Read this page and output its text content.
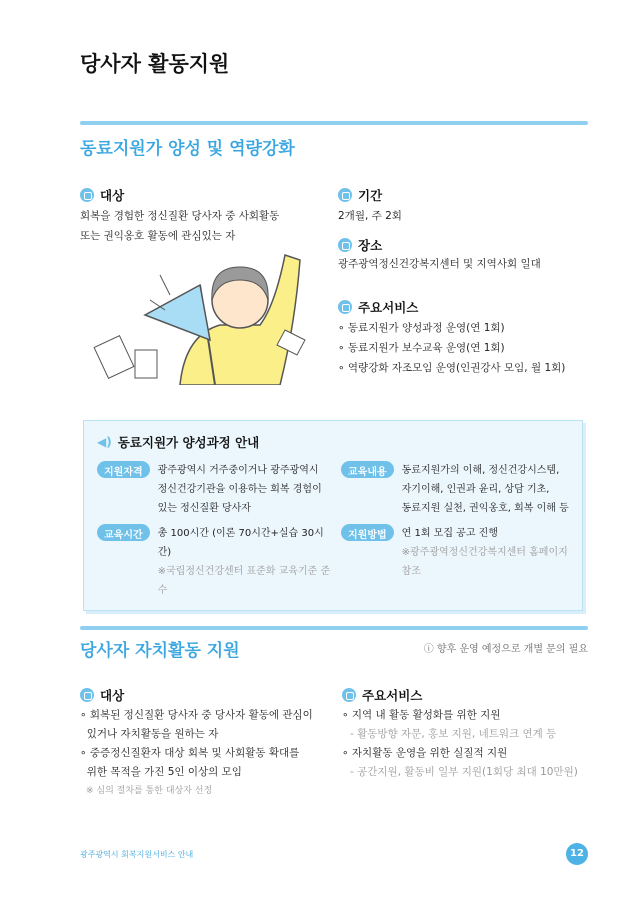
당사자 활동지원
동료지원가 양성 및 역량강화
대상
회복을 경험한 정신질환 당사자 중 사회활동
또는 권익옹호 활동에 관심있는 자
기간
2개월, 주 2회
장소
광주광역정신건강복지센터 및 지역사회 일대
주요서비스
∘ 동료지원가 양성과정 운영(연 1회)
∘ 동료지원가 보수교육 운영(연 1회)
∘ 역량강화 자조모임 운영(인권강사 모임, 월 1회)
◀) 동료지원가 양성과정 안내
지원자격	광주광역시 거주중이거나 광주광역시
정신건강기관을 이용하는 회복 경험이
있는 정신질환 당사자
교육내용	동료지원가의 이해, 정신건강시스템,
자기이해, 인권과 윤리, 상담 기초,
동료지원 실천, 권익옹호, 회복 이해 등
교육시간	총 100시간 (이론 70시간+실습 30시간)
※국립정신건강센터 표준화 교육기준 준수
지원방법	연 1회 모집 공고 진행
※광주광역정신건강복지센터 홈페이지 참조
당사자 자치활동 지원	ⓘ 향후 운영 예정으로 개별 문의 필요
대상
∘ 회복된 정신질환 당사자 중 당사자 활동에 관심이
있거나 자치활동을 원하는 자
∘ 중증정신질환자 대상 회복 및 사회활동 확대를
위한 목적을 가진 5인 이상의 모임
※ 심의 절차를 통한 대상자 선정
주요서비스
∘ 지역 내 활동 활성화를 위한 지원
- 활동방향 자문, 홍보 지원, 네트워크 연계 등
∘ 자치활동 운영을 위한 실질적 지원
- 공간지원, 활동비 일부 지원(1회당 최대 10만원)
광주광역시 회복지원서비스 안내	12
